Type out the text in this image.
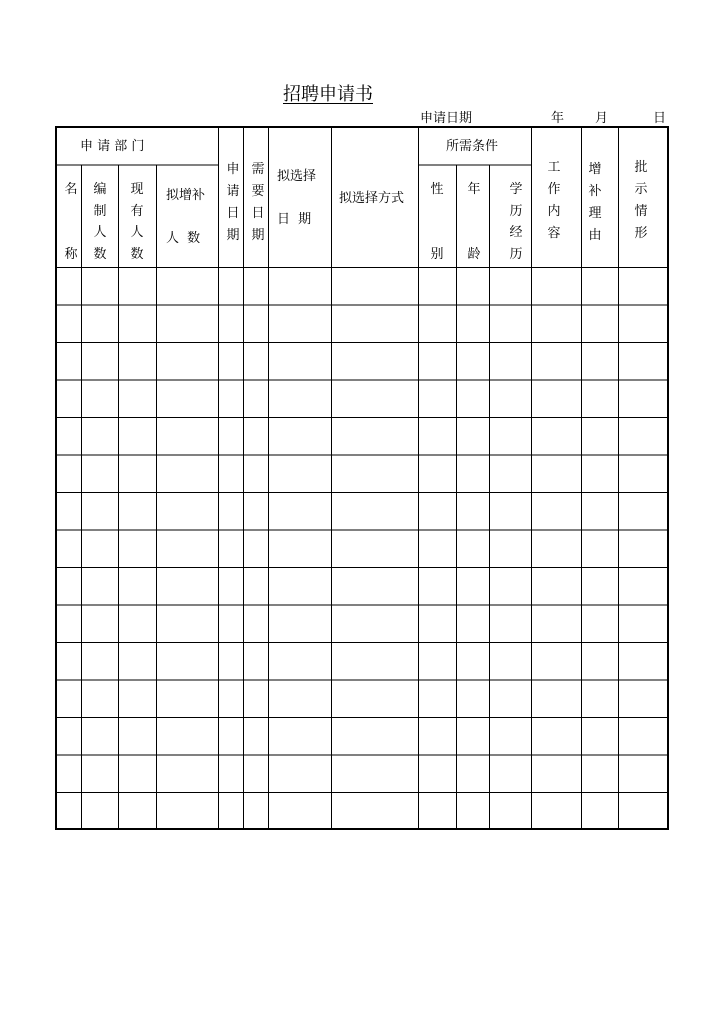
招聘申请书
申请日期	年 月	日
申 请 部 门
名
称
编
制
人
数
现
有
人
数
拟增补
人 数
申
请
日
期
需
要
日
期
拟选择
日 期
拟选择方式
所需条件
性
别
年
龄
学
历
经
历
工
作
内
容
增
补
理
由
批
示
情
形
